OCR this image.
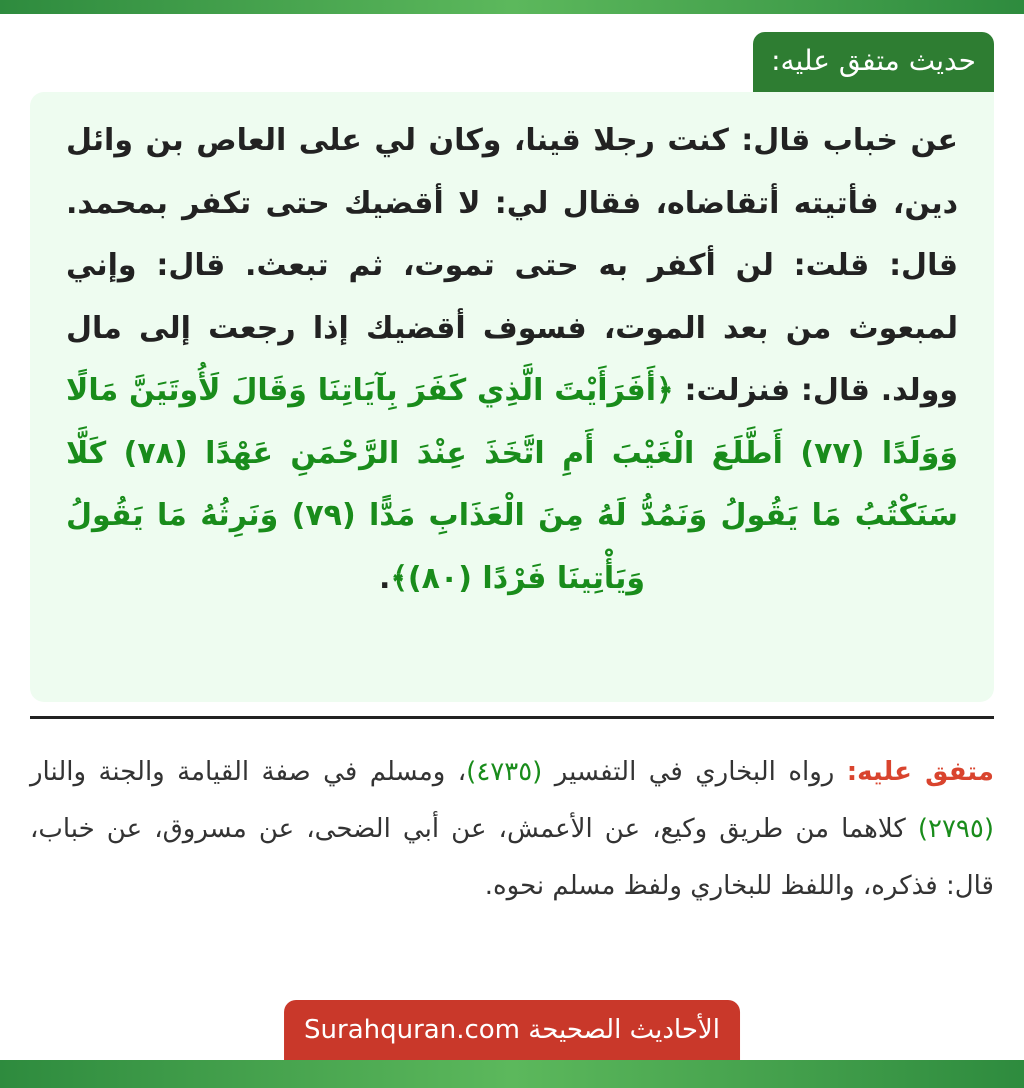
حديث متفق عليه:
عن خباب قال: كنت رجلا قينا، وكان لي على العاص بن وائل دين، فأتيته أتقاضاه، فقال لي: لا أقضيك حتى تكفر بمحمد. قال: قلت: لن أكفر به حتى تموت، ثم تبعث. قال: وإني لمبعوث من بعد الموت، فسوف أقضيك إذا رجعت إلى مال وولد. قال: فنزلت: ﴿أَفَرَأَيْتَ الَّذِي كَفَرَ بِآيَاتِنَا وَقَالَ لَأُوتَيَنَّ مَالًا وَوَلَدًا (٧٧) أَطَّلَعَ الْغَيْبَ أَمِ اتَّخَذَ عِنْدَ الرَّحْمَنِ عَهْدًا (٧٨) كَلَّا سَنَكْتُبُ مَا يَقُولُ وَنَمُدُّ لَهُ مِنَ الْعَذَابِ مَدًّا (٧٩) وَنَرِثُهُ مَا يَقُولُ وَيَأْتِينَا فَرْدًا (٨٠)﴾.
متفق عليه: رواه البخاري في التفسير (٤٧٣٥)، ومسلم في صفة القيامة والجنة والنار (٢٧٩٥) كلاهما من طريق وكيع، عن الأعمش، عن أبي الضحى، عن مسروق، عن خباب، قال: فذكره، واللفظ للبخاري ولفظ مسلم نحوه.
الأحاديث الصحيحة Surahquran.com
